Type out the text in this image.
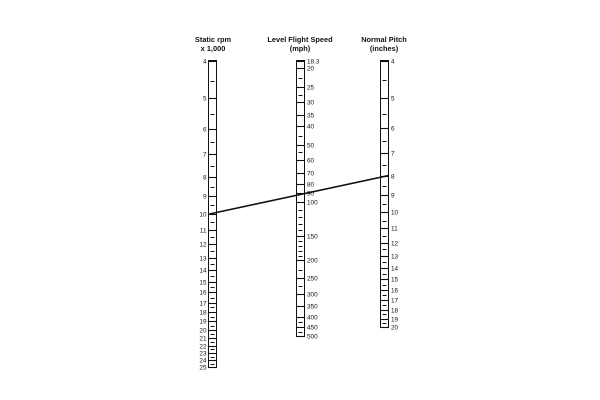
Static rpm
x 1,000
Level Flight Speed
(mph)
Normal Pitch
(inches)
4
5
6
7
8
9
10
11
12
13
14
15
16
17
18
19
20
21
22
23
24
25
18.3
20
25
30
35
40
50
60
70
80
90
100
150
200
250
300
350
400
450
500
4
5
6
7
8
9
10
11
12
13
14
15
16
17
18
19
20
